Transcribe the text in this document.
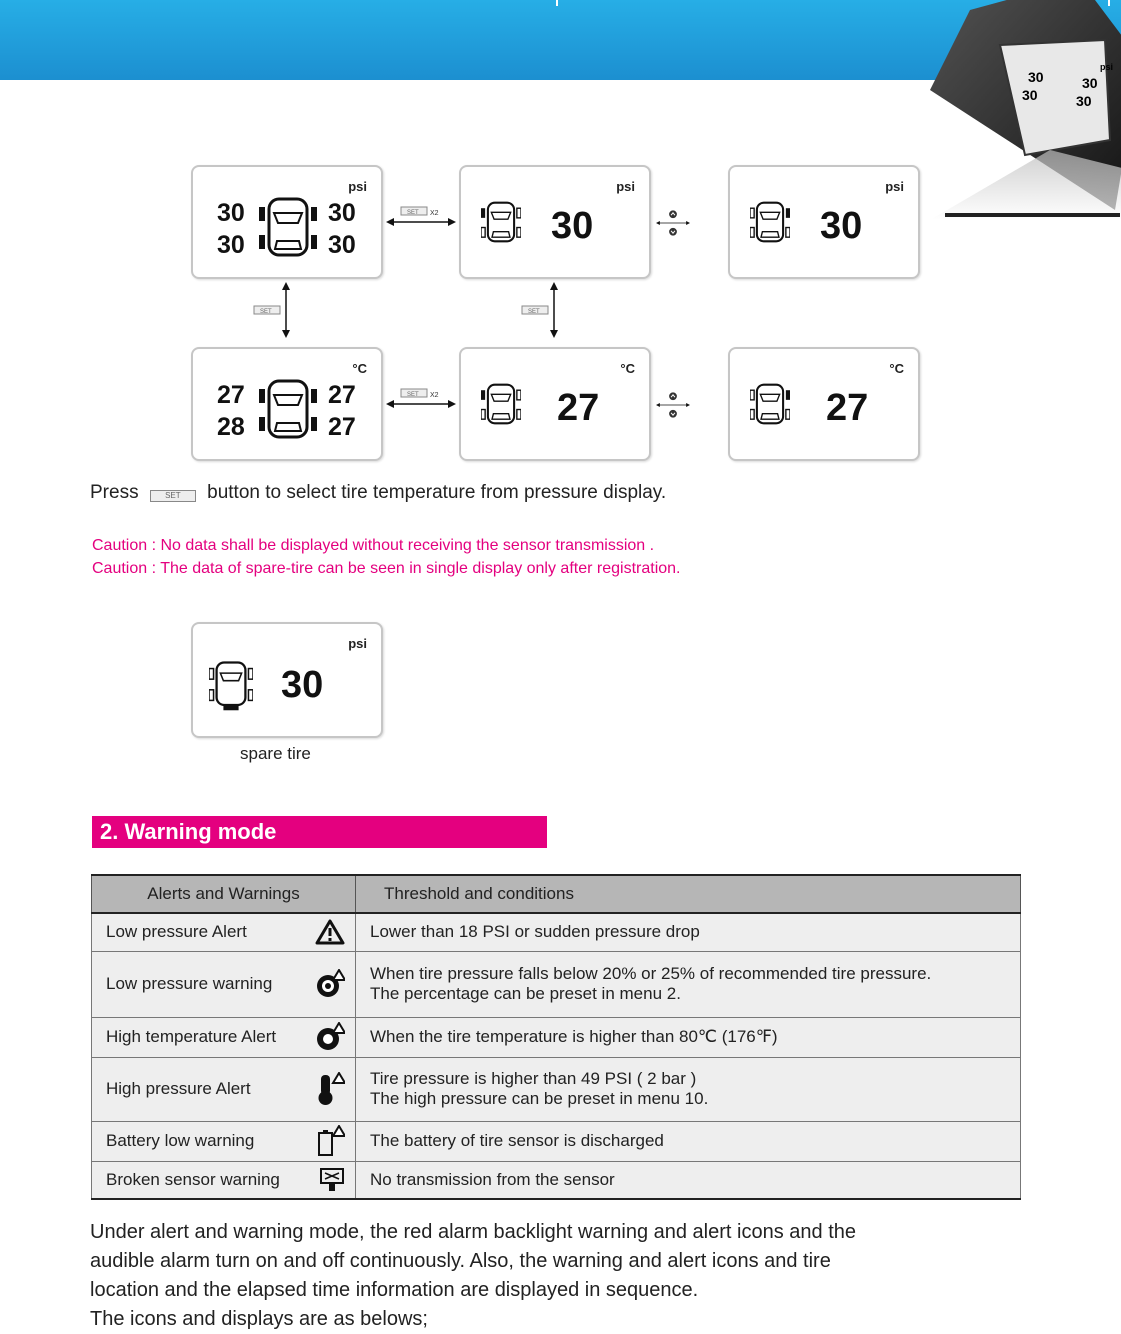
30
30
30
30
psi
psi
30	30
30	30
SET X2
psi
30
psi
30
SET	SET
°C
27	27
28	27
SET X2
°C
27
°C
27
Press	SET button to select tire temperature from pressure display.
Caution : No data shall be displayed without receiving the sensor transmission .
Caution : The data of spare-tire can be seen in single display only after registration.
psi
30
spare tire
2. Warning mode
Alerts and Warnings	Threshold and conditions
Low pressure Alert	Lower than 18 PSI or sudden pressure drop

Low pressure warning	When tire pressure falls below 20% or 25% of recommended tire pressure.
The percentage can be preset in menu 2.

High temperature Alert	When the tire temperature is higher than 80℃ (176℉)

High pressure Alert	Tire pressure is higher than 49 PSI ( 2 bar )
The high pressure can be preset in menu 10.

Battery low warning	The battery of tire sensor is discharged

Broken sensor warning	No transmission from the sensor
Under alert and warning mode, the red alarm backlight warning and alert icons and the
audible alarm turn on and off continuously. Also, the warning and alert icons and tire
location and the elapsed time information are displayed in sequence.
The icons and displays are as belows;
